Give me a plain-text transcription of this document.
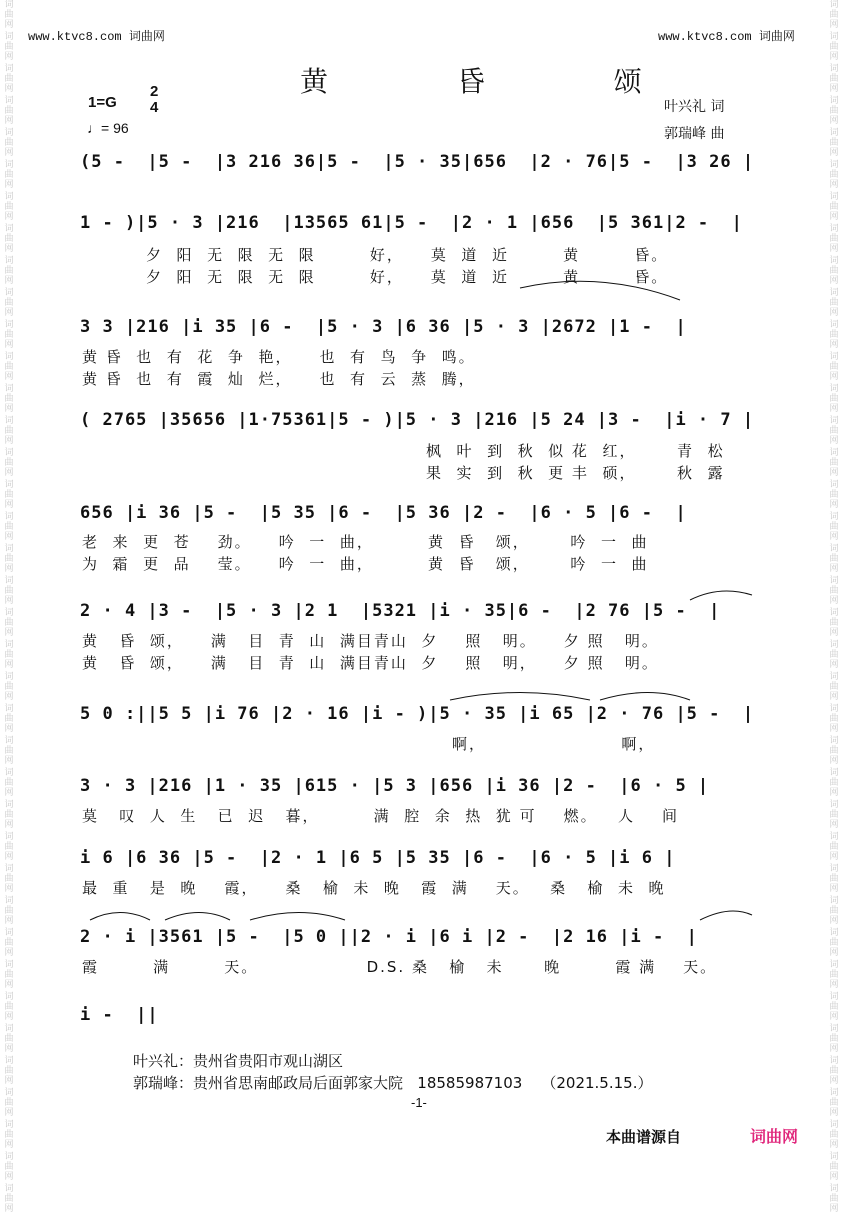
词
曲
网
词
曲
网
词
曲
网
词
曲
网
词
曲
网
词
曲
网
词
曲
网
词
曲
网
词
曲
网
词
曲
网
词
曲
网
词
曲
网
词
曲
网
词
曲
网
词
曲
网
词
曲
网
词
曲
网
词
曲
网
词
曲
网
词
曲
网
词
曲
网
词
曲
网
词
曲
网
词
曲
网
词
曲
网
词
曲
网
词
曲
网
词
曲
网
词
曲
网
词
曲
网
词
曲
网
词
曲
网
词
曲
网
词
曲
网
词
曲
网
词
曲
网
词
曲
网
词
曲
网
词
曲
网
词
曲
网
词
曲
网
词
曲
网
词
曲
网
词
曲
网
词
曲
网
词
曲
网
词
曲
网
词
曲
网
词
曲
网
词
曲
网
词
曲
网
词
曲
网
词
曲
网
词
曲
网
词
曲
网
词
曲
网
词
曲
网
词
曲
网
词
曲
网
词
曲
网
词
曲
网
词
曲
网
词
曲
网
词
曲
网
词
曲
网
词
曲
网
词
曲
网
词
曲
网
词
曲
网
词
曲
网
词
曲
网
词
曲
网
词
曲
网
词
曲
网
词
曲
网
词
曲
网
www.ktvc8.com 词曲网	www.ktvc8.com 词曲网
黄 昏 颂
叶兴礼 词
郭瑞峰 曲
1=G
2
4
♩= 96
(5 -  |5 -  |3 216 36|5 -  |5 · 35|656  |2 · 76|5 -  |3 26 |
1 - )|5 · 3 |216  |13565 61|5 -  |2 · 1 |656  |5 361|2 -  |
夕  阳  无  限  无  限        好，    莫  道  近        黄        昏。
夕  阳  无  限  无  限        好，    莫  道  近        黄        昏。
3 3 |216 |i 35 |6 -  |5 · 3 |6 36 |5 · 3 |2672 |1 -  |
黄 昏  也  有  花  争  艳，    也  有  鸟  争  鸣。
黄 昏  也  有  霞  灿  烂，    也  有  云  蒸  腾，
( 2765 |35656 |1·75361|5 - )|5 · 3 |216 |5 24 |3 -  |i · 7 |
枫  叶  到  秋  似 花  红，      青  松
果  实  到  秋  更 丰  硕，      秋  露
656 |i 36 |5 -  |5 35 |6 -  |5 36 |2 -  |6 · 5 |6 -  |
老  来  更  苍    劲。    吟  一  曲，        黄  昏   颂，      吟  一  曲
为  霜  更  品    莹。    吟  一  曲，        黄  昏   颂，      吟  一  曲
2 · 4 |3 -  |5 · 3 |2 1  |5321 |i · 35|6 -  |2 76 |5 -  |
黄   昏  颂，    满   目  青  山  满目青山  夕    照   明。    夕 照   明。
黄   昏  颂，    满   目  青  山  满目青山  夕    照   明，    夕 照   明。
5 0 :||5 5 |i 76 |2 · 16 |i - )|5 · 35 |i 65 |2 · 76 |5 -  |
啊，                    啊，
3 · 3 |216 |1 · 35 |615 · |5 3 |656 |i 36 |2 -  |6 · 5 |
莫   叹  人  生   已  迟   暮，        满  腔  余  热  犹 可    燃。   人    间
i 6 |6 36 |5 -  |2 · 1 |6 5 |5 35 |6 -  |6 · 5 |i 6 |
最  重   是  晚    霞，    桑   榆  未  晚   霞  满    天。   桑   榆  未  晚
2 · i |3561 |5 -  |5 0 ||2 · i |6 i |2 -  |2 16 |i -  |
霞        满        天。                D.S. 桑   榆   未      晚        霞 满    天。
i -  ||
叶兴礼：贵州省贵阳市观山湖区
郭瑞峰：贵州省思南邮政局后面郭家大院   18585987103    （2021.5.15.）
-1-
本曲谱源自	词曲网
